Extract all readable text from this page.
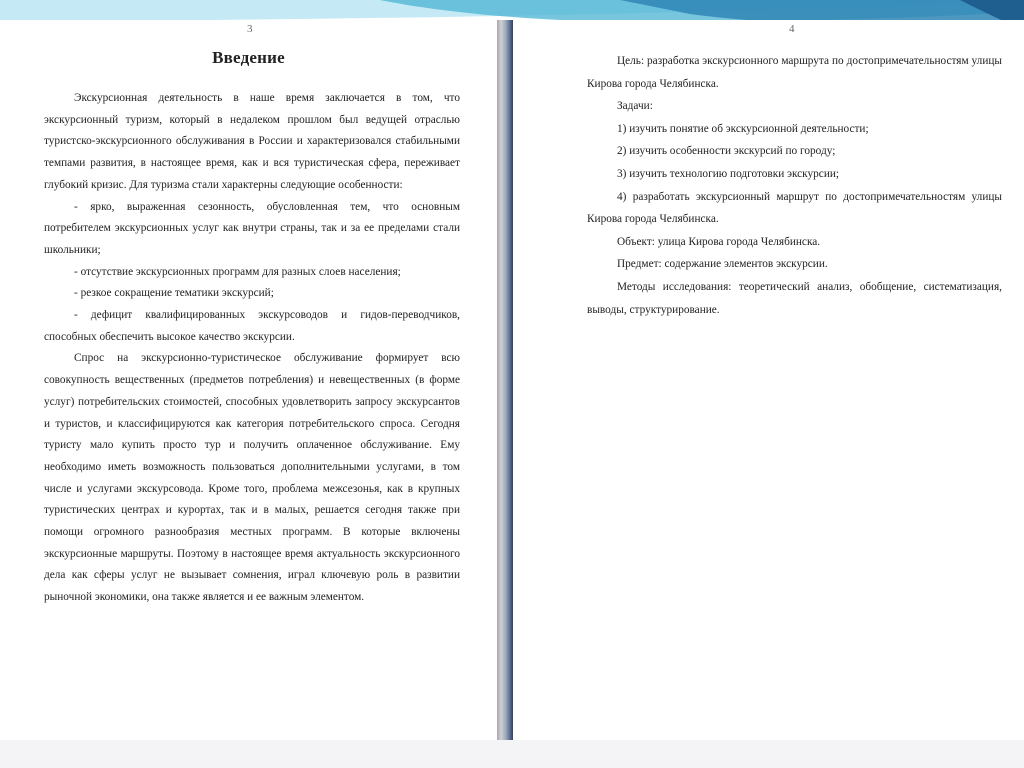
3
Введение

Экскурсионная деятельность в наше время заключается в том, что экскурсионный туризм, который в недалеком прошлом был ведущей отраслью туристско-экскурсионного обслуживания в России и характеризовался стабильными темпами развития, в настоящее время, как и вся туристическая сфера, переживает глубокий кризис. Для туризма стали характерны следующие особенности:

- ярко, выраженная сезонность, обусловленная тем, что основным потребителем экскурсионных услуг как внутри страны, так и за ее пределами стали школьники;

- отсутствие экскурсионных программ для разных слоев населения;

- резкое сокращение тематики экскурсий;

- дефицит квалифицированных экскурсоводов и гидов-переводчиков, способных обеспечить высокое качество экскурсии.

Спрос на экскурсионно-туристическое обслуживание формирует всю совокупность вещественных (предметов потребления) и невещественных (в форме услуг) потребительских стоимостей, способных удовлетворить запросу экскурсантов и туристов, и классифицируются как категория потребительского спроса. Сегодня туристу мало купить просто тур и получить оплаченное обслуживание. Ему необходимо иметь возможность пользоваться дополнительными услугами, в том числе и услугами экскурсовода. Кроме того, проблема межсезонья, как в крупных туристических центрах и курортах, так и в малых, решается сегодня также при помощи огромного разнообразия местных программ. В которые включены экскурсионные маршруты. Поэтому в настоящее время актуальность экскурсионного дела как сферы услуг не вызывает сомнения, играл ключевую роль в развитии рыночной экономики, она также является и ее важным элементом.

4

Цель: разработка экскурсионного маршрута по достопримечательностям улицы Кирова города Челябинска.

Задачи:

1) изучить понятие об экскурсионной деятельности;

2) изучить особенности экскурсий по городу;

3) изучить технологию подготовки экскурсии;

4) разработать экскурсионный маршрут по достопримечательностям улицы Кирова города Челябинска.

Объект: улица Кирова города Челябинска.

Предмет: содержание элементов экскурсии.

Методы исследования: теоретический анализ, обобщение, систематизация, выводы, структурирование.
